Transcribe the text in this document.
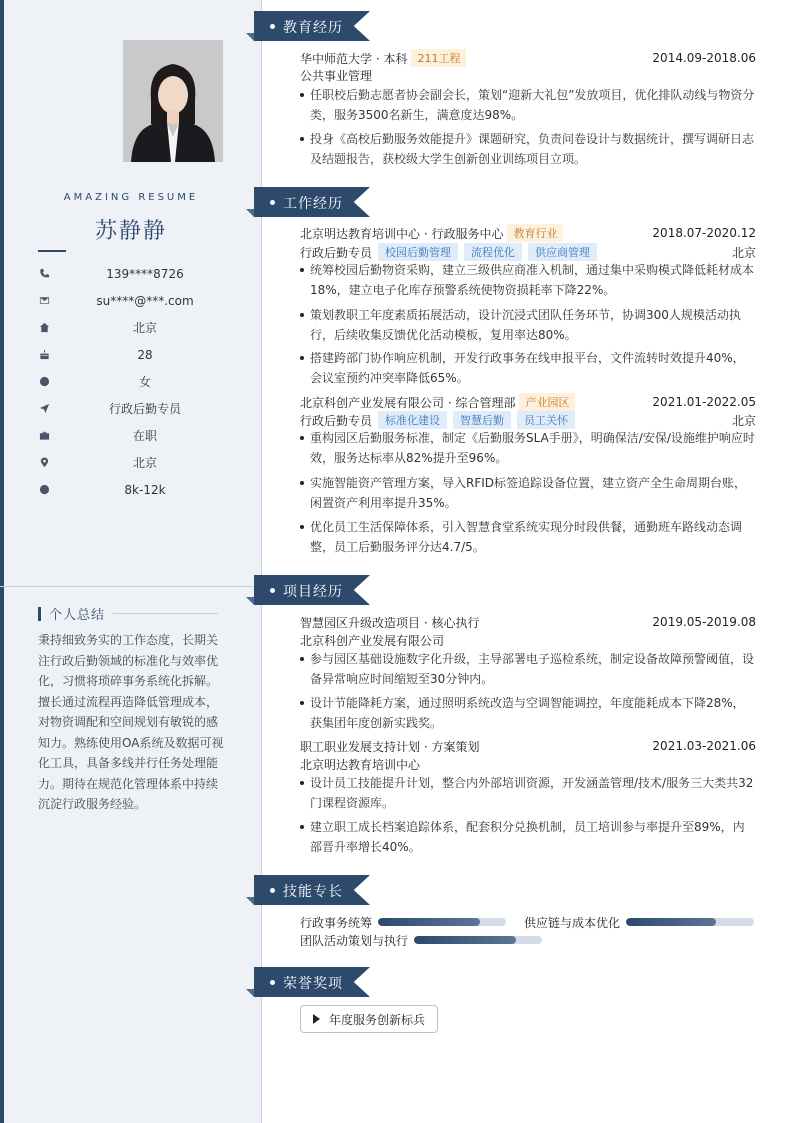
AMAZING RESUME
苏静静
139****8726
su****@***.com
北京
28
女
行政后勤专员
在职
北京
8k-12k
个人总结
秉持细致务实的工作态度，长期关注行政后勤领域的标准化与效率优化，习惯将琐碎事务系统化拆解。擅长通过流程再造降低管理成本，对物资调配和空间规划有敏锐的感知力。熟练使用OA系统及数据可视化工具，具备多线并行任务处理能力。期待在规范化管理体系中持续沉淀行政服务经验。
教育经历
华中师范大学 · 本科 211工程	2014.09-2018.06
公共事业管理
任职校后勤志愿者协会副会长，策划“迎新大礼包”发放项目，优化排队动线与物资分类，服务3500名新生，满意度达98%。
投身《高校后勤服务效能提升》课题研究，负责问卷设计与数据统计，撰写调研日志及结题报告，获校级大学生创新创业训练项目立项。
工作经历
北京明达教育培训中心 · 行政服务中心 教育行业	2018.07-2020.12
行政后勤专员	校园后勤管理	流程优化	供应商管理	北京
统筹校园后勤物资采购，建立三级供应商准入机制，通过集中采购模式降低耗材成本18%，建立电子化库存预警系统使物资损耗率下降22%。
策划教职工年度素质拓展活动，设计沉浸式团队任务环节，协调300人规模活动执行，后续收集反馈优化活动模板，复用率达80%。
搭建跨部门协作响应机制，开发行政事务在线申报平台，文件流转时效提升40%，会议室预约冲突率降低65%。
北京科创产业发展有限公司 · 综合管理部 产业园区	2021.01-2022.05
行政后勤专员	标准化建设	智慧后勤	员工关怀	北京
重构园区后勤服务标准，制定《后勤服务SLA手册》，明确保洁/安保/设施维护响应时效，服务达标率从82%提升至96%。
实施智能资产管理方案，导入RFID标签追踪设备位置，建立资产全生命周期台账，闲置资产利用率提升35%。
优化员工生活保障体系，引入智慧食堂系统实现分时段供餐，通勤班车路线动态调整，员工后勤服务评分达4.7/5。
项目经历
智慧园区升级改造项目 · 核心执行	2019.05-2019.08
北京科创产业发展有限公司
参与园区基础设施数字化升级，主导部署电子巡检系统，制定设备故障预警阈值，设备异常响应时间缩短至30分钟内。
设计节能降耗方案，通过照明系统改造与空调智能调控，年度能耗成本下降28%，获集团年度创新实践奖。
职工职业发展支持计划 · 方案策划	2021.03-2021.06
北京明达教育培训中心
设计员工技能提升计划，整合内外部培训资源，开发涵盖管理/技术/服务三大类共32门课程资源库。
建立职工成长档案追踪体系，配套积分兑换机制，员工培训参与率提升至89%，内部晋升率增长40%。
技能专长
行政事务统筹	供应链与成本优化
团队活动策划与执行
荣誉奖项
年度服务创新标兵
